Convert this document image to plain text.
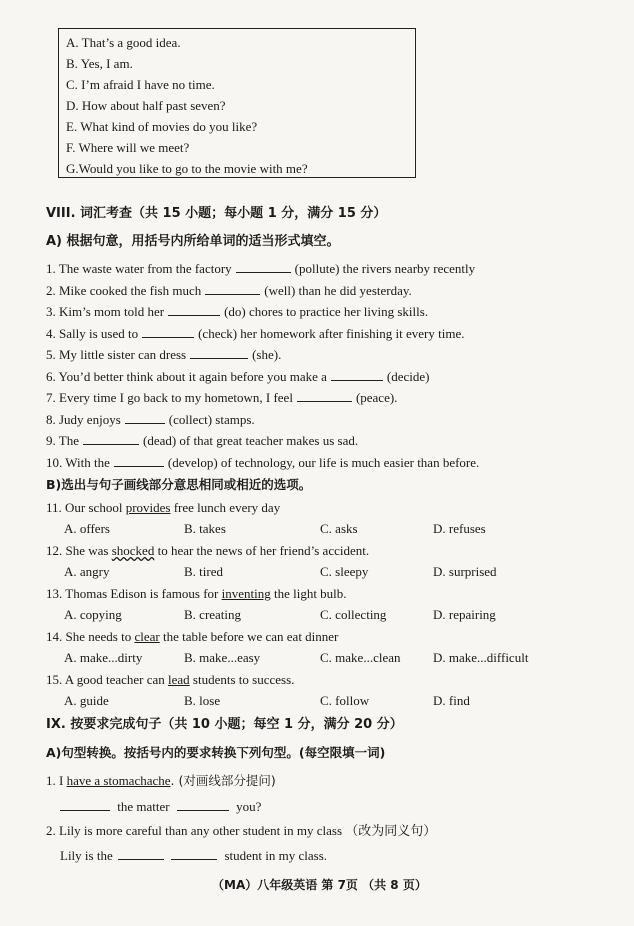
A. That’s a good idea.
B. Yes, I am.
C. I’m afraid I have no time.
D. How about half past seven?
E. What kind of movies do you like?
F. Where will we meet?
G.Would you like to go to the movie with me?
VIII. 词汇考查（共 15 小题；每小题 1 分，满分 15 分）
A) 根据句意，用括号内所给单词的适当形式填空。
1. The waste water from the factory	(pollute) the rivers nearby recently
2. Mike cooked the fish much	(well) than he did yesterday.
3. Kim’s mom told her	(do) chores to practice her living skills.
4. Sally is used to	(check) her homework after finishing it every time.
5. My little sister can dress	(she).
6. You’d better think about it again before you make a	(decide)
7. Every time I go back to my hometown, I feel	(peace).
8. Judy enjoys	(collect) stamps.
9. The	(dead) of that great teacher makes us sad.
10. With the	(develop) of technology, our life is much easier than before.
B)选出与句子画线部分意思相同或相近的选项。
11. Our school provides free lunch every day
A. offers	B. takes	C. asks	D. refuses
12. She was shocked to hear the news of her friend’s accident.
A. angry	B. tired	C. sleepy	D. surprised
13. Thomas Edison is famous for inventing the light bulb.
A. copying	B. creating	C. collecting	D. repairing
14. She needs to clear the table before we can eat dinner
A. make...dirty	B. make...easy	C. make...clean	D. make...difficult
15. A good teacher can lead students to success.
A. guide	B. lose	C. follow	D. find
IX. 按要求完成句子（共 10 小题；每空 1 分，满分 20 分）
A)句型转换。按括号内的要求转换下列句型。(每空限填一词)
1. I have a stomachache. (对画线部分提问)
the matter	you?
2. Lily is more careful than any other student in my class （改为同义句）
Lily is the	student in my class.
（MA）八年级英语 第 7页 （共 8 页）
